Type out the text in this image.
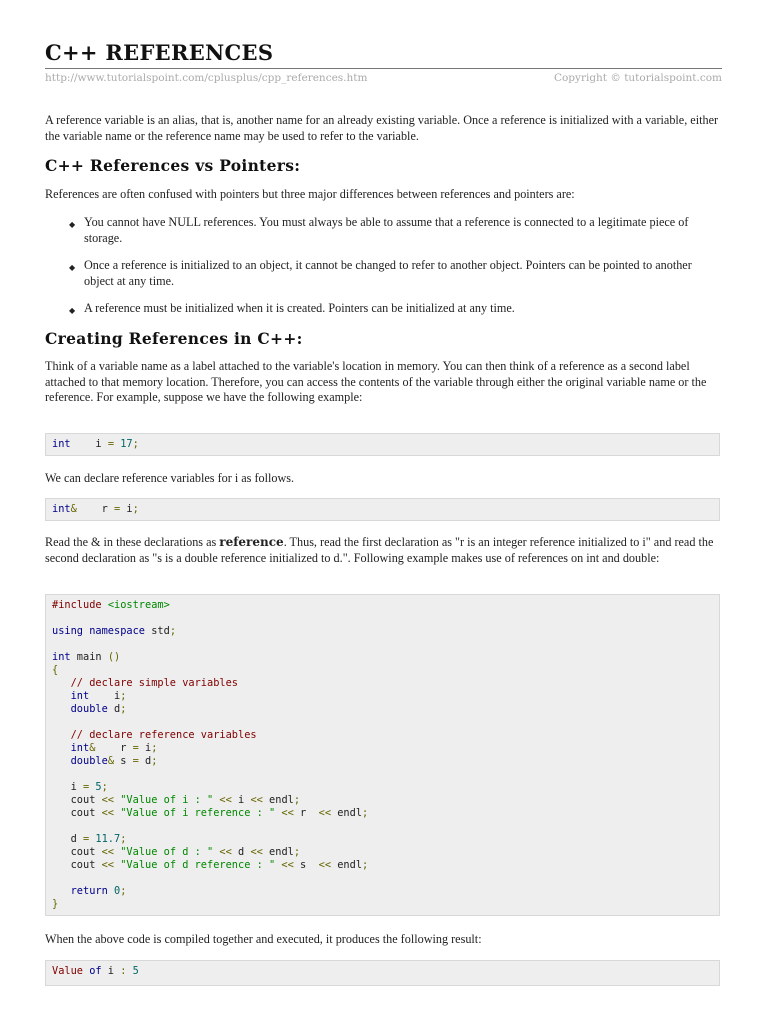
C++ REFERENCES
http://www.tutorialspoint.com/cplusplus/cpp_references.htm	Copyright © tutorialspoint.com
A reference variable is an alias, that is, another name for an already existing variable. Once a reference is initialized with a variable, either the variable name or the reference name may be used to refer to the variable.
C++ References vs Pointers:
References are often confused with pointers but three major differences between references and pointers are:
◆ You cannot have NULL references. You must always be able to assume that a reference is connected to a legitimate piece of storage.
◆ Once a reference is initialized to an object, it cannot be changed to refer to another object. Pointers can be pointed to another object at any time.
◆ A reference must be initialized when it is created. Pointers can be initialized at any time.
Creating References in C++:
Think of a variable name as a label attached to the variable's location in memory. You can then think of a reference as a second label attached to that memory location. Therefore, you can access the contents of the variable through either the original variable name or the reference. For example, suppose we have the following example:
int    i = 17;
We can declare reference variables for i as follows.
int&    r = i;
Read the & in these declarations as reference. Thus, read the first declaration as "r is an integer reference initialized to i" and read the second declaration as "s is a double reference initialized to d.". Following example makes use of references on int and double:
#include <iostream>
using namespace std;
int main ()
{
// declare simple variables
int    i;
double d;
// declare reference variables
int&    r = i;
double& s = d;
i = 5;
cout << "Value of i : " << i << endl;
cout << "Value of i reference : " << r  << endl;
d = 11.7;
cout << "Value of d : " << d << endl;
cout << "Value of d reference : " << s  << endl;
return 0;
}
When the above code is compiled together and executed, it produces the following result:
Value of i : 5
